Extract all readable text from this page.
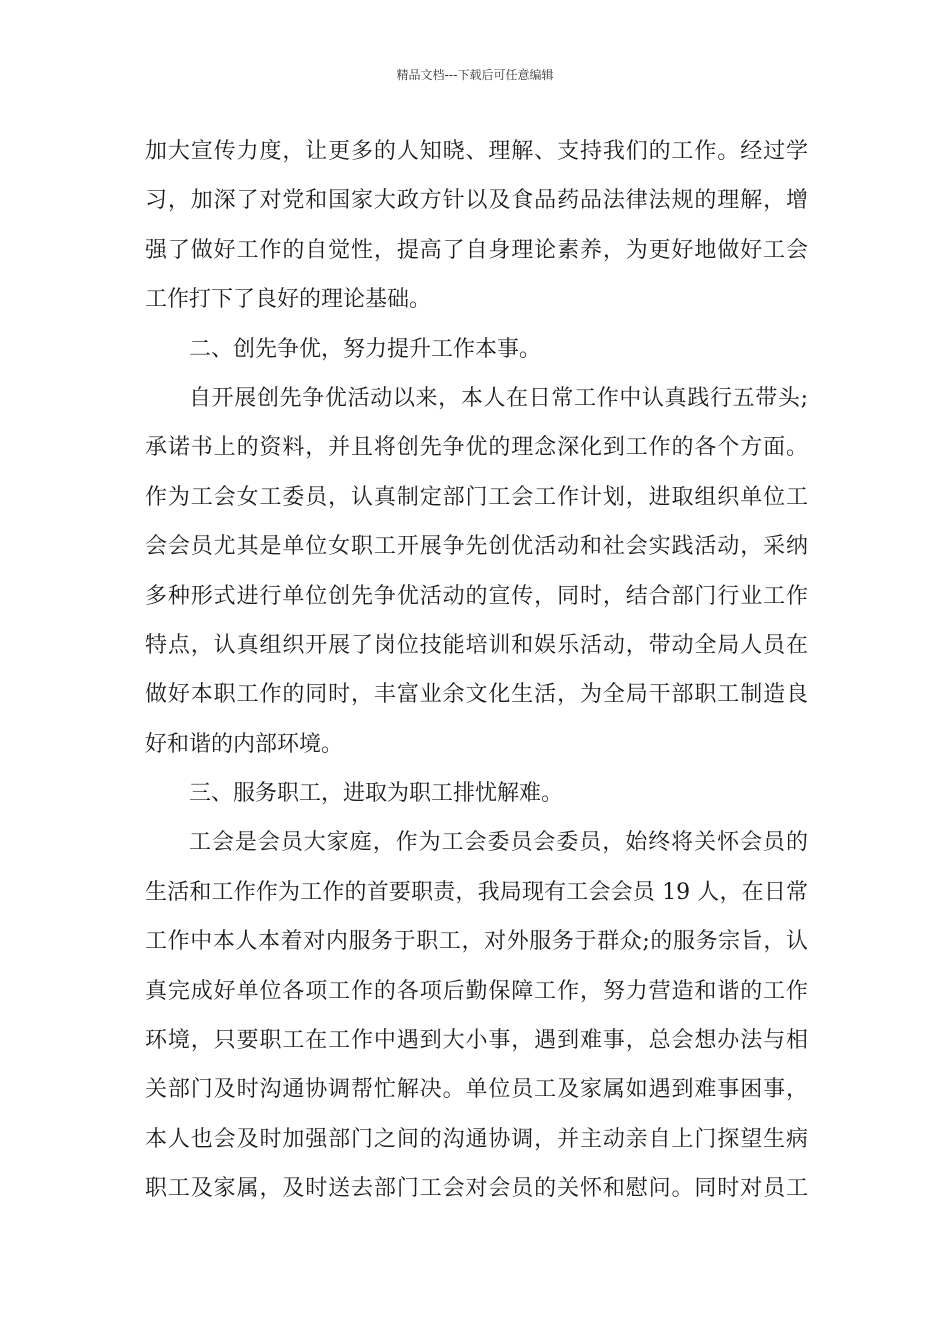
精品文档---下载后可任意编辑
加大宣传力度，让更多的人知晓、理解、支持我们的工作。经过学
习，加深了对党和国家大政方针以及食品药品法律法规的理解，增
强了做好工作的自觉性，提高了自身理论素养，为更好地做好工会
工作打下了良好的理论基础。
二、创先争优，努力提升工作本事。
自开展创先争优活动以来，本人在日常工作中认真践行五带头;
承诺书上的资料，并且将创先争优的理念深化到工作的各个方面。
作为工会女工委员，认真制定部门工会工作计划，进取组织单位工
会会员尤其是单位女职工开展争先创优活动和社会实践活动，采纳
多种形式进行单位创先争优活动的宣传，同时，结合部门行业工作
特点，认真组织开展了岗位技能培训和娱乐活动，带动全局人员在
做好本职工作的同时，丰富业余文化生活，为全局干部职工制造良
好和谐的内部环境。
三、服务职工，进取为职工排忧解难。
工会是会员大家庭，作为工会委员会委员，始终将关怀会员的
生活和工作作为工作的首要职责，我局现有工会会员 19 人，在日常
工作中本人本着对内服务于职工，对外服务于群众;的服务宗旨，认
真完成好单位各项工作的各项后勤保障工作，努力营造和谐的工作
环境，只要职工在工作中遇到大小事，遇到难事，总会想办法与相
关部门及时沟通协调帮忙解决。单位员工及家属如遇到难事困事，
本人也会及时加强部门之间的沟通协调，并主动亲自上门探望生病
职工及家属，及时送去部门工会对会员的关怀和慰问。同时对员工
